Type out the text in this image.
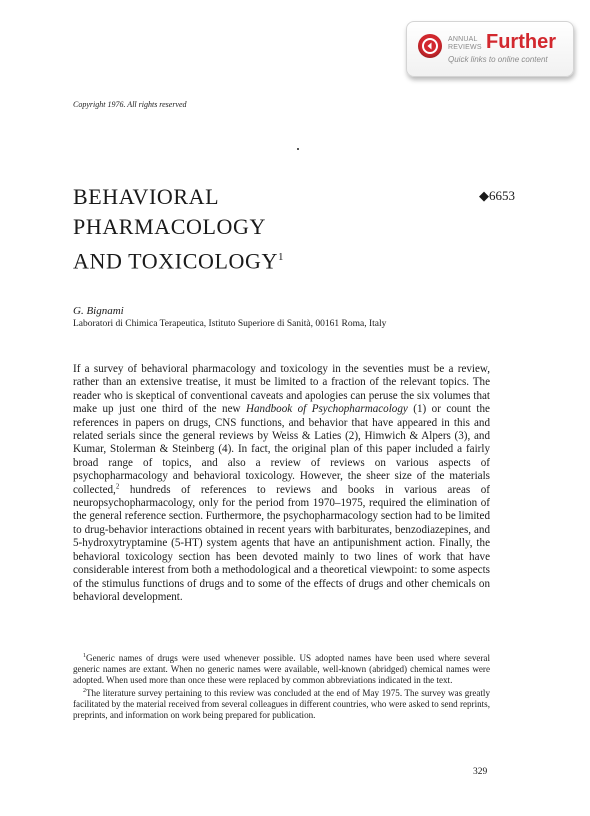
ANNUAL
REVIEWS Further
Quick links to online content
Copyright 1976. All rights reserved
BEHAVIORAL
PHARMACOLOGY
AND TOXICOLOGY$^1$
◆6653
G. Bignami
Laboratori di Chimica Terapeutica, Istituto Superiore di Sanità, 00161 Roma, Italy
If a survey of behavioral pharmacology and toxicology in the seventies must be a review, rather than an extensive treatise, it must be limited to a fraction of the relevant topics. The reader who is skeptical of conventional caveats and apologies can peruse the six volumes that make up just one third of the new Handbook of Psychopharmacology (1) or count the references in papers on drugs, CNS functions, and behavior that have appeared in this and related serials since the general reviews by Weiss & Laties (2), Himwich & Alpers (3), and Kumar, Stolerman & Steinberg (4). In fact, the original plan of this paper included a fairly broad range of topics, and also a review of reviews on various aspects of psychopharmacology and behavioral toxicology. However, the sheer size of the materials collected,$^2$ hundreds of references to reviews and books in various areas of neuropsychopharmacology, only for the period from 1970–1975, required the elimination of the general reference section. Furthermore, the psychopharmacology section had to be limited to drug-behavior interactions obtained in recent years with barbiturates, benzodiazepines, and 5-hydroxytryptamine (5-HT) system agents that have an antipunishment action. Finally, the behavioral toxicology section has been devoted mainly to two lines of work that have considerable interest from both a methodological and a theoretical viewpoint: to some aspects of the stimulus functions of drugs and to some of the effects of drugs and other chemicals on behavioral development.

$^1$Generic names of drugs were used whenever possible. US adopted names have been used where several generic names are extant. When no generic names were available, well-known (abridged) chemical names were adopted. When used more than once these were replaced by common abbreviations indicated in the text.

$^2$The literature survey pertaining to this review was concluded at the end of May 1975. The survey was greatly facilitated by the material received from several colleagues in different countries, who were asked to send reprints, preprints, and information on work being prepared for publication.

329
